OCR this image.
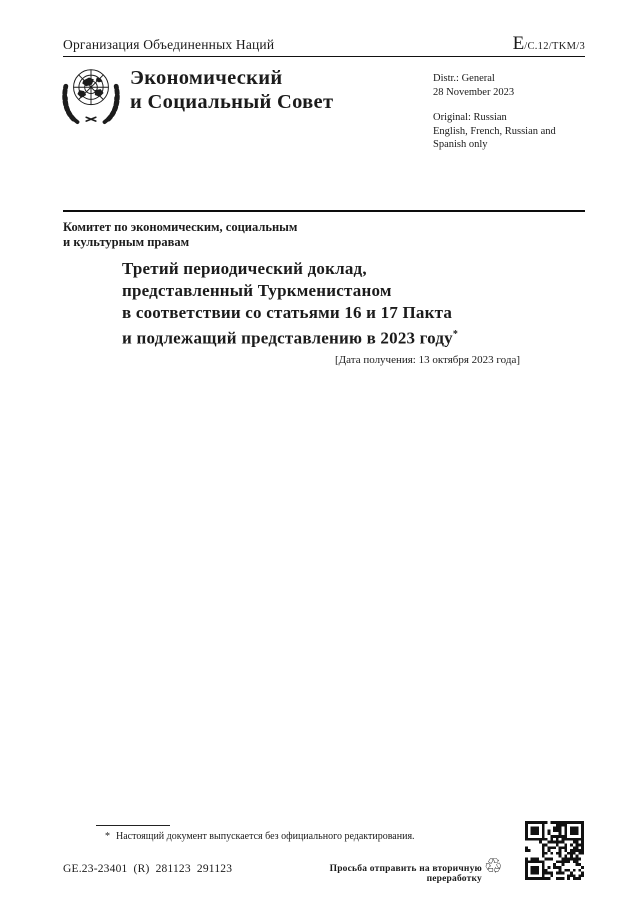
Организация Объединенных Наций	E/C.12/TKM/3
Экономический
и Социальный Совет
Distr.: General
28 November 2023
Original: Russian
English, French, Russian and
Spanish only
Комитет по экономическим, социальным
и культурным правам
Третий периодический доклад,
представленный Туркменистаном
в соответствии со статьями 16 и 17 Пакта
и подлежащий представлению в 2023 году*
[Дата получения: 13 октября 2023 года]
* Настоящий документ выпускается без официального редактирования.
GE.23-23401 (R) 281123 291123	Просьба отправить на вторичную переработку
♲
